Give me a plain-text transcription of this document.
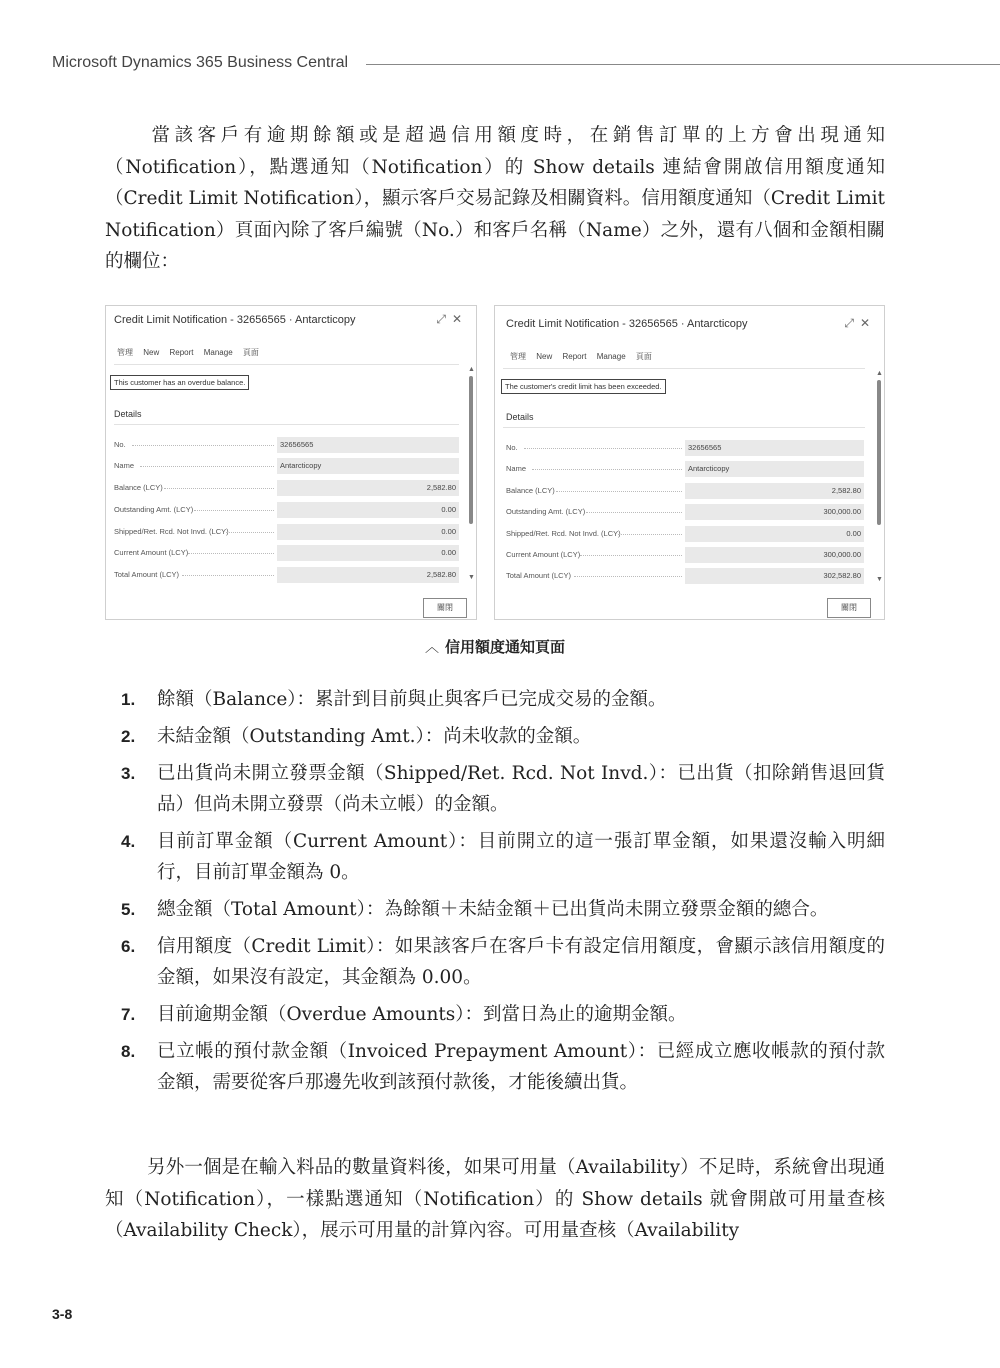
Microsoft Dynamics 365 Business Central

當該客戶有逾期餘額或是超過信用額度時，在銷售訂單的上方會出現通知（Notification），點選通知（Notification）的 Show details 連結會開啟信用額度通知（Credit Limit Notification），顯示客戶交易記錄及相關資料。信用額度通知（Credit Limit Notification）頁面內除了客戶編號（No.）和客戶名稱（Name）之外，還有八個和金額相關的欄位：

Credit Limit Notification - 32656565 · Antarcticopy	⤢ ✕
管理 New Report Manage 頁面
This customer has an overdue balance.
Details
No.	32656565
Name	Antarcticopy
Balance (LCY)	2,582.80
Outstanding Amt. (LCY)	0.00
Shipped/Ret. Rcd. Not Invd. (LCY)	0.00
Current Amount (LCY)	0.00
Total Amount (LCY)	2,582.80
▲
▼
關閉
Credit Limit Notification - 32656565 · Antarcticopy	⤢ ✕
管理 New Report Manage 頁面
The customer's credit limit has been exceeded.
Details
No.	32656565
Name	Antarcticopy
Balance (LCY)	2,582.80
Outstanding Amt. (LCY)	300,000.00
Shipped/Ret. Rcd. Not Invd. (LCY)	0.00
Current Amount (LCY)	300,000.00
Total Amount (LCY)	302,582.80
▲
▼
關閉
︿ 信用額度通知頁面
1. 餘額（Balance）：累計到目前與止與客戶已完成交易的金額。
2. 未結金額（Outstanding Amt.）：尚未收款的金額。
3. 已出貨尚未開立發票金額（Shipped/Ret. Rcd. Not Invd.）：已出貨（扣除銷售退回貨品）但尚未開立發票（尚未立帳）的金額。
4. 目前訂單金額（Current Amount）：目前開立的這一張訂單金額，如果還沒輸入明細行，目前訂單金額為 0。
5. 總金額（Total Amount）：為餘額＋未結金額＋已出貨尚未開立發票金額的總合。
6. 信用額度（Credit Limit）：如果該客戶在客戶卡有設定信用額度，會顯示該信用額度的金額，如果沒有設定，其金額為 0.00。
7. 目前逾期金額（Overdue Amounts）：到當日為止的逾期金額。
8. 已立帳的預付款金額（Invoiced Prepayment Amount）：已經成立應收帳款的預付款金額，需要從客戶那邊先收到該預付款後，才能後續出貨。

另外一個是在輸入料品的數量資料後，如果可用量（Availability）不足時，系統會出現通知（Notification），一樣點選通知（Notification）的 Show details 就會開啟可用量查核（Availability Check），展示可用量的計算內容。可用量查核（Availability

3-8
